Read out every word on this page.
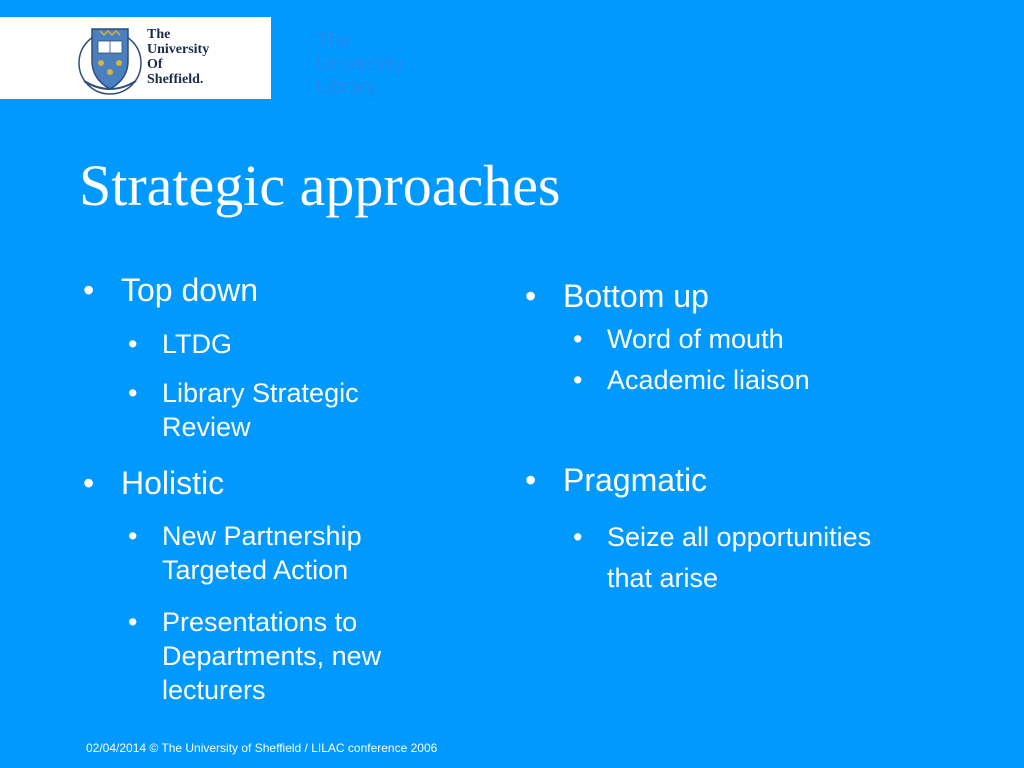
The
University
Of
Sheffield.
The
University
Library.
Strategic approaches
• Top down
• LTDG
• Library Strategic
Review
• Holistic
• New Partnership
Targeted Action
• Presentations to
Departments, new
lecturers
• Bottom up
• Word of mouth
• Academic liaison
• Pragmatic
• Seize all opportunities
that arise
02/04/2014 © The University of Sheffield / LILAC conference 2006
